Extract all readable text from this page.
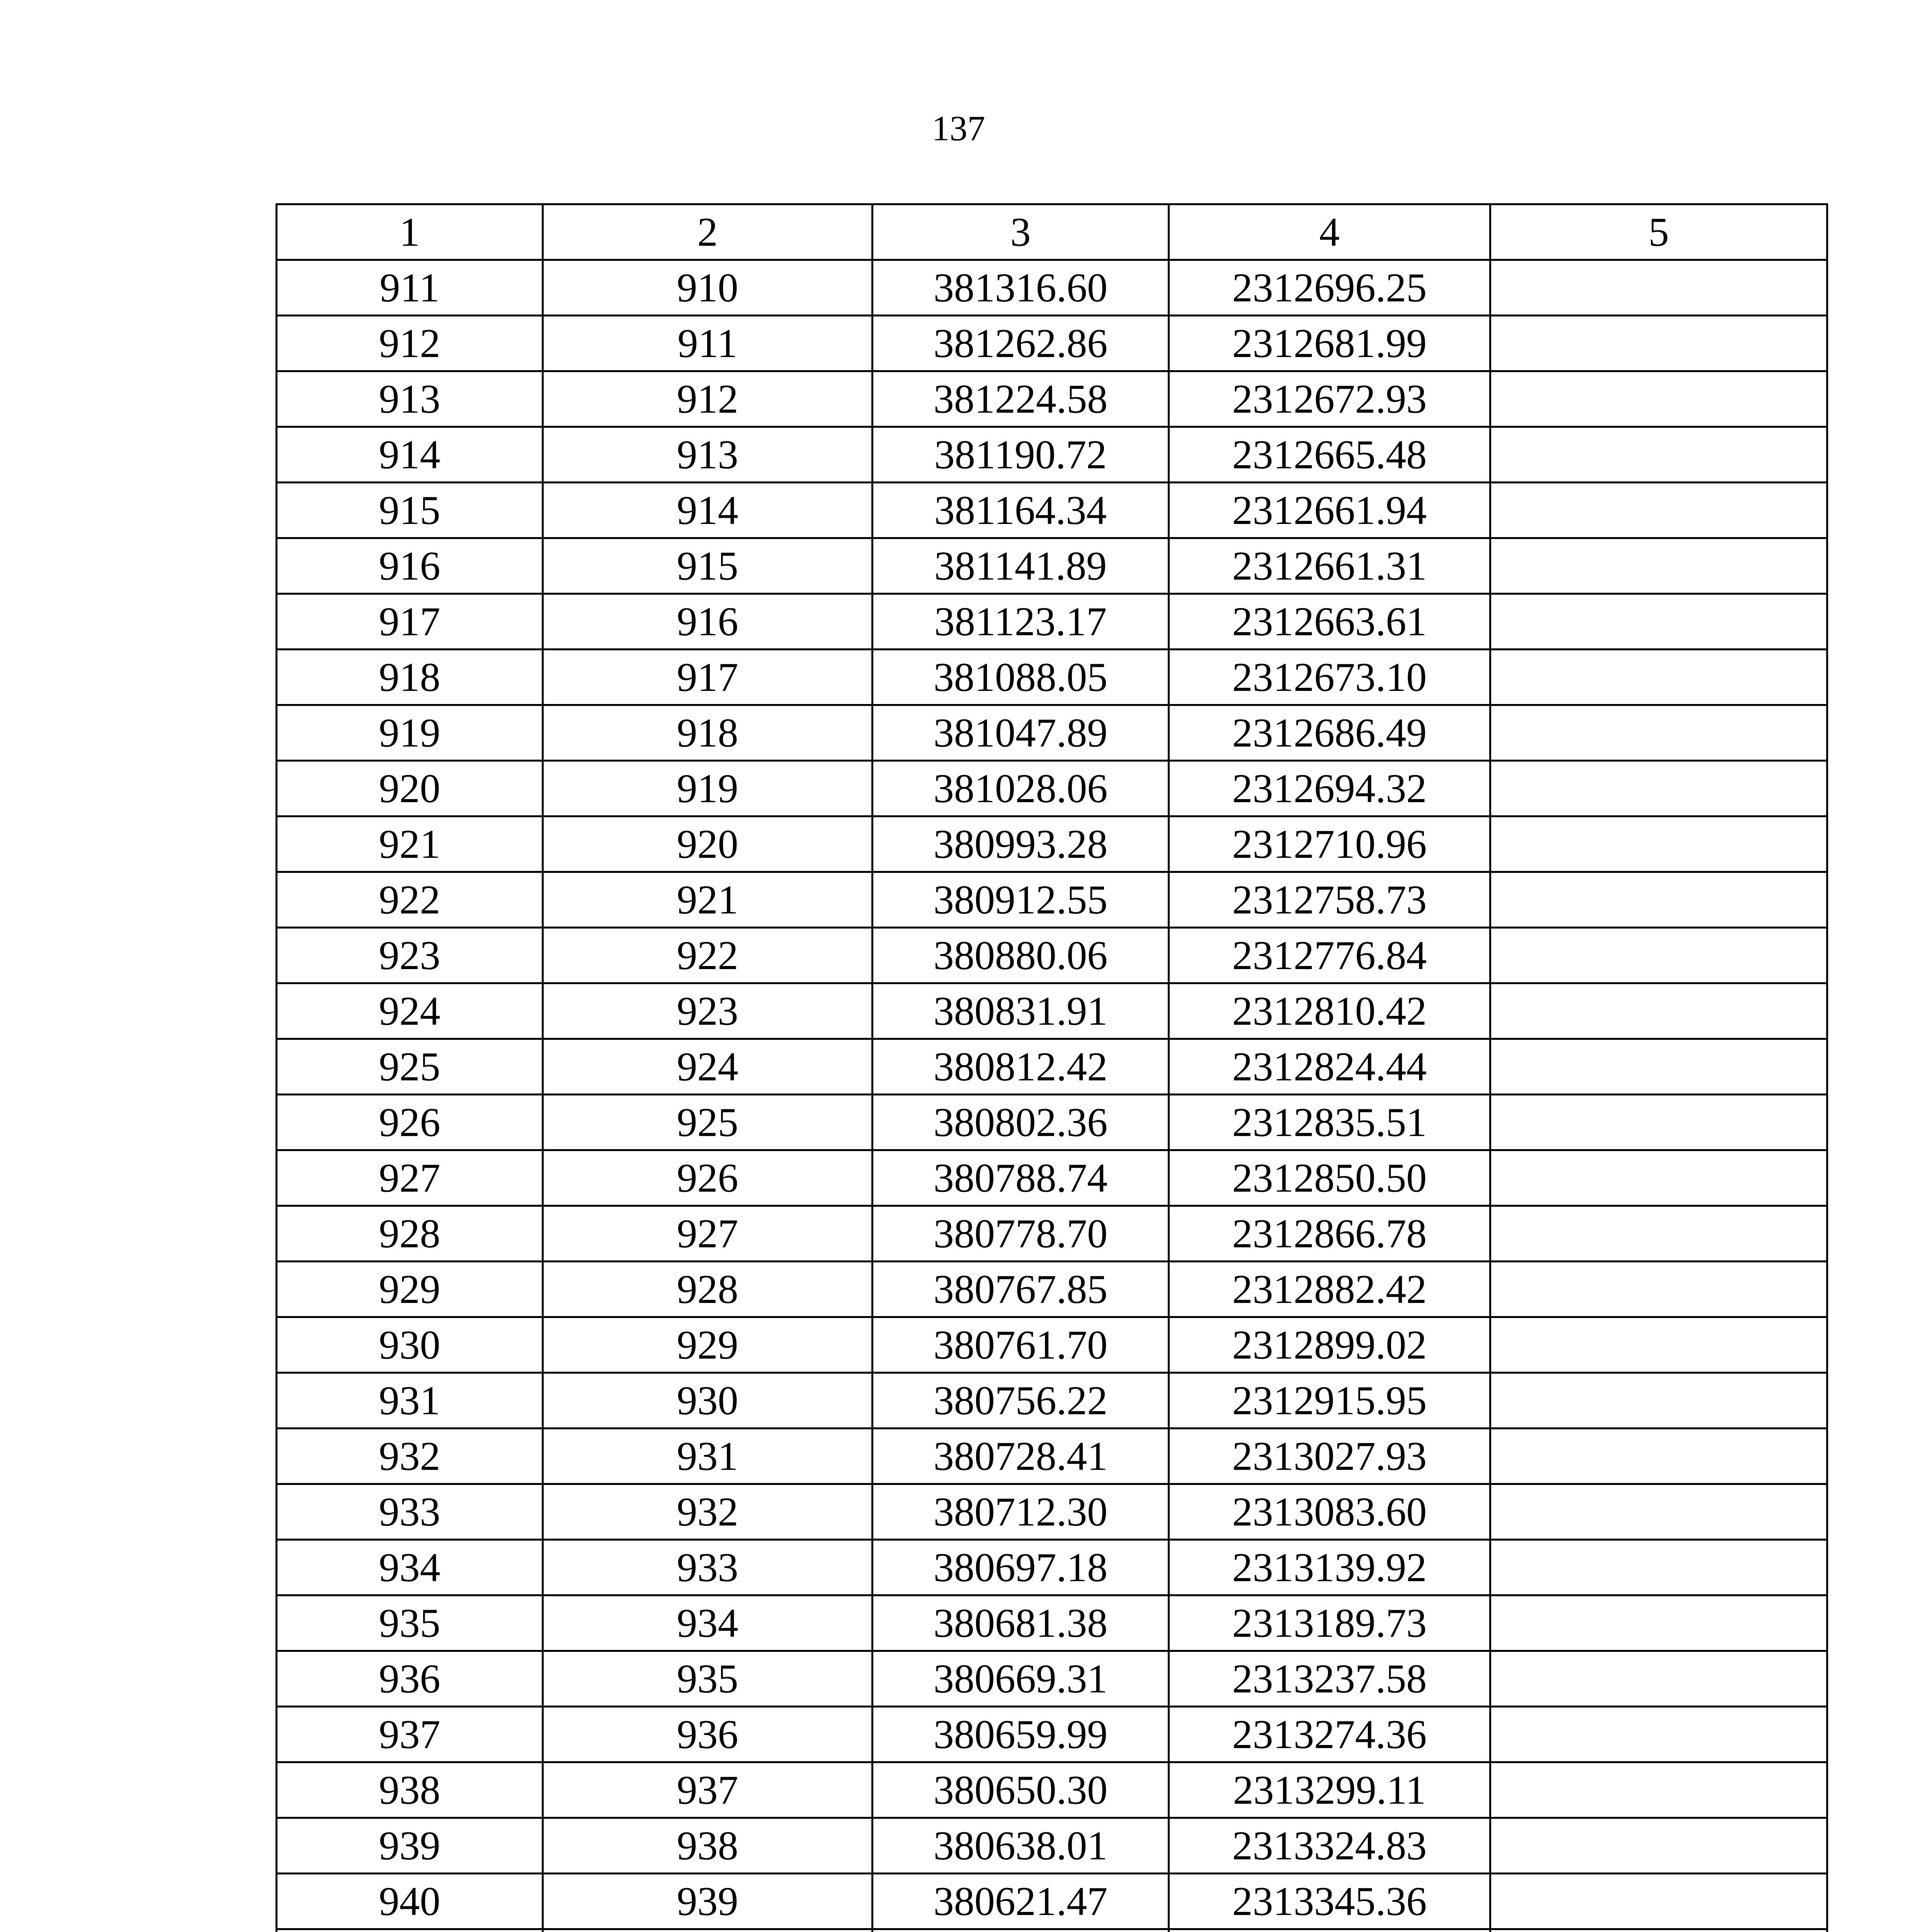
137
1	2	3	4	5
911	910	381316.60	2312696.25	
912	911	381262.86	2312681.99	
913	912	381224.58	2312672.93	
914	913	381190.72	2312665.48	
915	914	381164.34	2312661.94	
916	915	381141.89	2312661.31	
917	916	381123.17	2312663.61	
918	917	381088.05	2312673.10	
919	918	381047.89	2312686.49	
920	919	381028.06	2312694.32	
921	920	380993.28	2312710.96	
922	921	380912.55	2312758.73	
923	922	380880.06	2312776.84	
924	923	380831.91	2312810.42	
925	924	380812.42	2312824.44	
926	925	380802.36	2312835.51	
927	926	380788.74	2312850.50	
928	927	380778.70	2312866.78	
929	928	380767.85	2312882.42	
930	929	380761.70	2312899.02	
931	930	380756.22	2312915.95	
932	931	380728.41	2313027.93	
933	932	380712.30	2313083.60	
934	933	380697.18	2313139.92	
935	934	380681.38	2313189.73	
936	935	380669.31	2313237.58	
937	936	380659.99	2313274.36	
938	937	380650.30	2313299.11	
939	938	380638.01	2313324.83	
940	939	380621.47	2313345.36	
